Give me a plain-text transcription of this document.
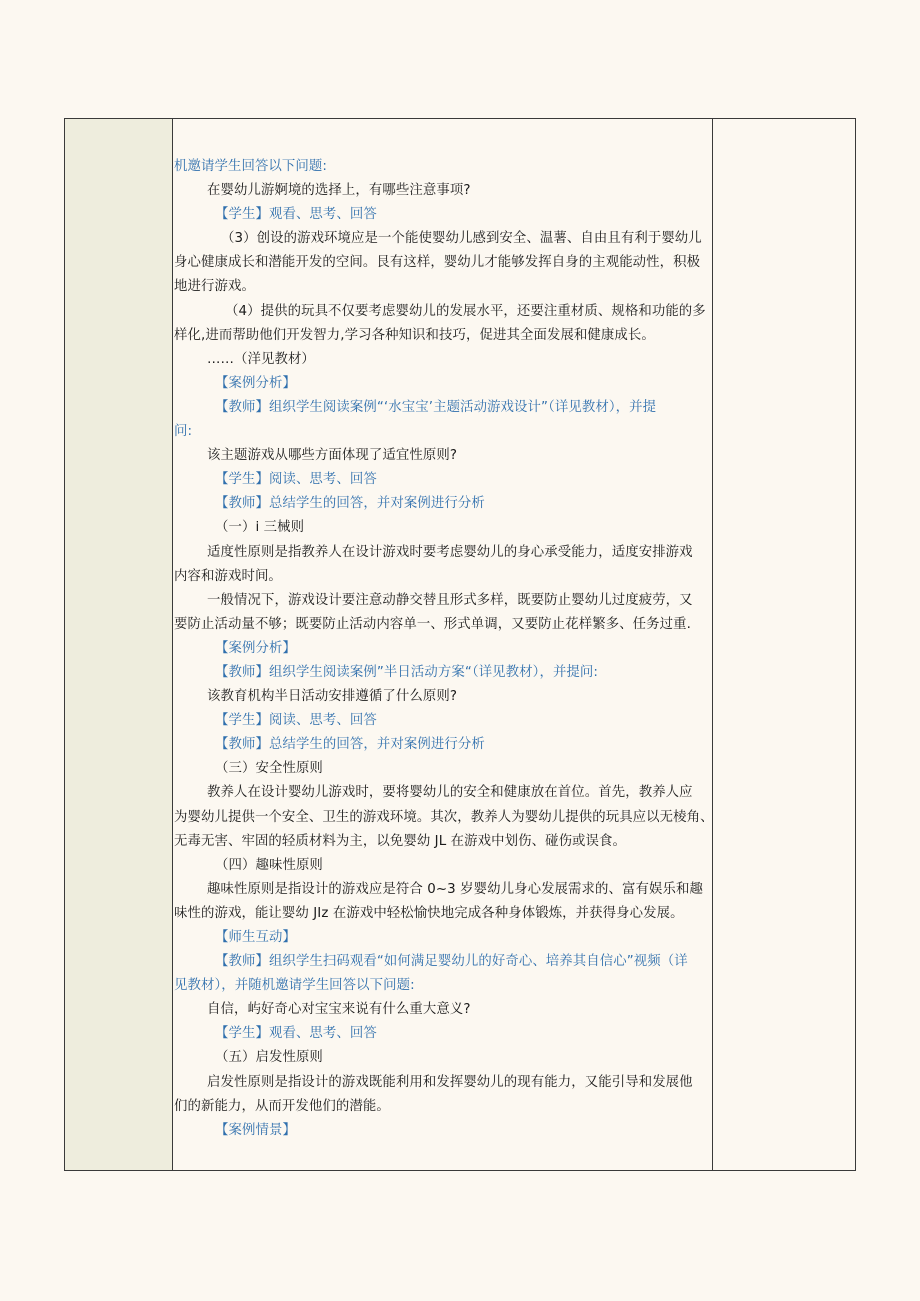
机邀请学生回答以下问题:
在婴幼儿游婀境的选择上，有哪些注意事项?
【学生】观看、思考、回答
（3）创设的游戏环境应是一个能使婴幼儿感到安全、温薯、自由且有利于婴幼儿
身心健康成长和潜能开发的空间。艮有这样，婴幼儿才能够发挥自身的主观能动性，积极
地进行游戏。
（4）提供的玩具不仅要考虑婴幼儿的发展水平，还要注重材质、规格和功能的多
样化,进而帮助他们开发智力,学习各种知识和技巧，促进其全面发展和健康成长。
……（洋见教材）
【案例分析】
【教师】组织学生阅读案例“‘水宝宝’主题活动游戏设计”（详见教材），并提
问:
该主题游戏从哪些方面体现了适宜性原则?
【学生】阅读、思考、回答
【教师】总结学生的回答，并对案例进行分析
（一）i 三械则
适度性原则是指教养人在设计游戏时要考虑婴幼儿的身心承受能力，适度安排游戏
内容和游戏时间。
一般情况下，游戏设计要注意动静交替且形式多样，既要防止婴幼儿过度疲劳，又
要防止活动量不够；既要防止活动内容单一、形式单调，又要防止花样繁多、任务过重.
【案例分析】
【教师】组织学生阅读案例”半日活动方案“（详见教材），并提问:
该教育机构半日活动安排遵循了什么原则?
【学生】阅读、思考、回答
【教师】总结学生的回答，并对案例进行分析
（三）安全性原则
教养人在设计婴幼儿游戏时，要将婴幼儿的安全和健康放在首位。首先，教养人应
为婴幼儿提供一个安全、卫生的游戏环境。其次，教养人为婴幼儿提供的玩具应以无棱角、
无毒无害、牢固的轻质材料为主，以免婴幼 JL 在游戏中划伤、碰伤或误食。
（四）趣味性原则
趣味性原则是指设计的游戏应是符合 0~3 岁婴幼儿身心发展需求的、富有娱乐和趣
味性的游戏，能让婴幼 JIz 在游戏中轻松愉快地完成各种身体锻炼，并获得身心发展。
【师生互动】
【教师】组织学生扫码观看“如何满足婴幼儿的好奇心、培养其自信心”视频（详
见教材），并随机邀请学生回答以下问题:
自信，屿好奇心对宝宝来说有什么重大意义?
【学生】观看、思考、回答
（五）启发性原则
启发性原则是指设计的游戏既能利用和发挥婴幼儿的现有能力，又能引导和发展他
们的新能力，从而开发他们的潜能。
【案例情景】
